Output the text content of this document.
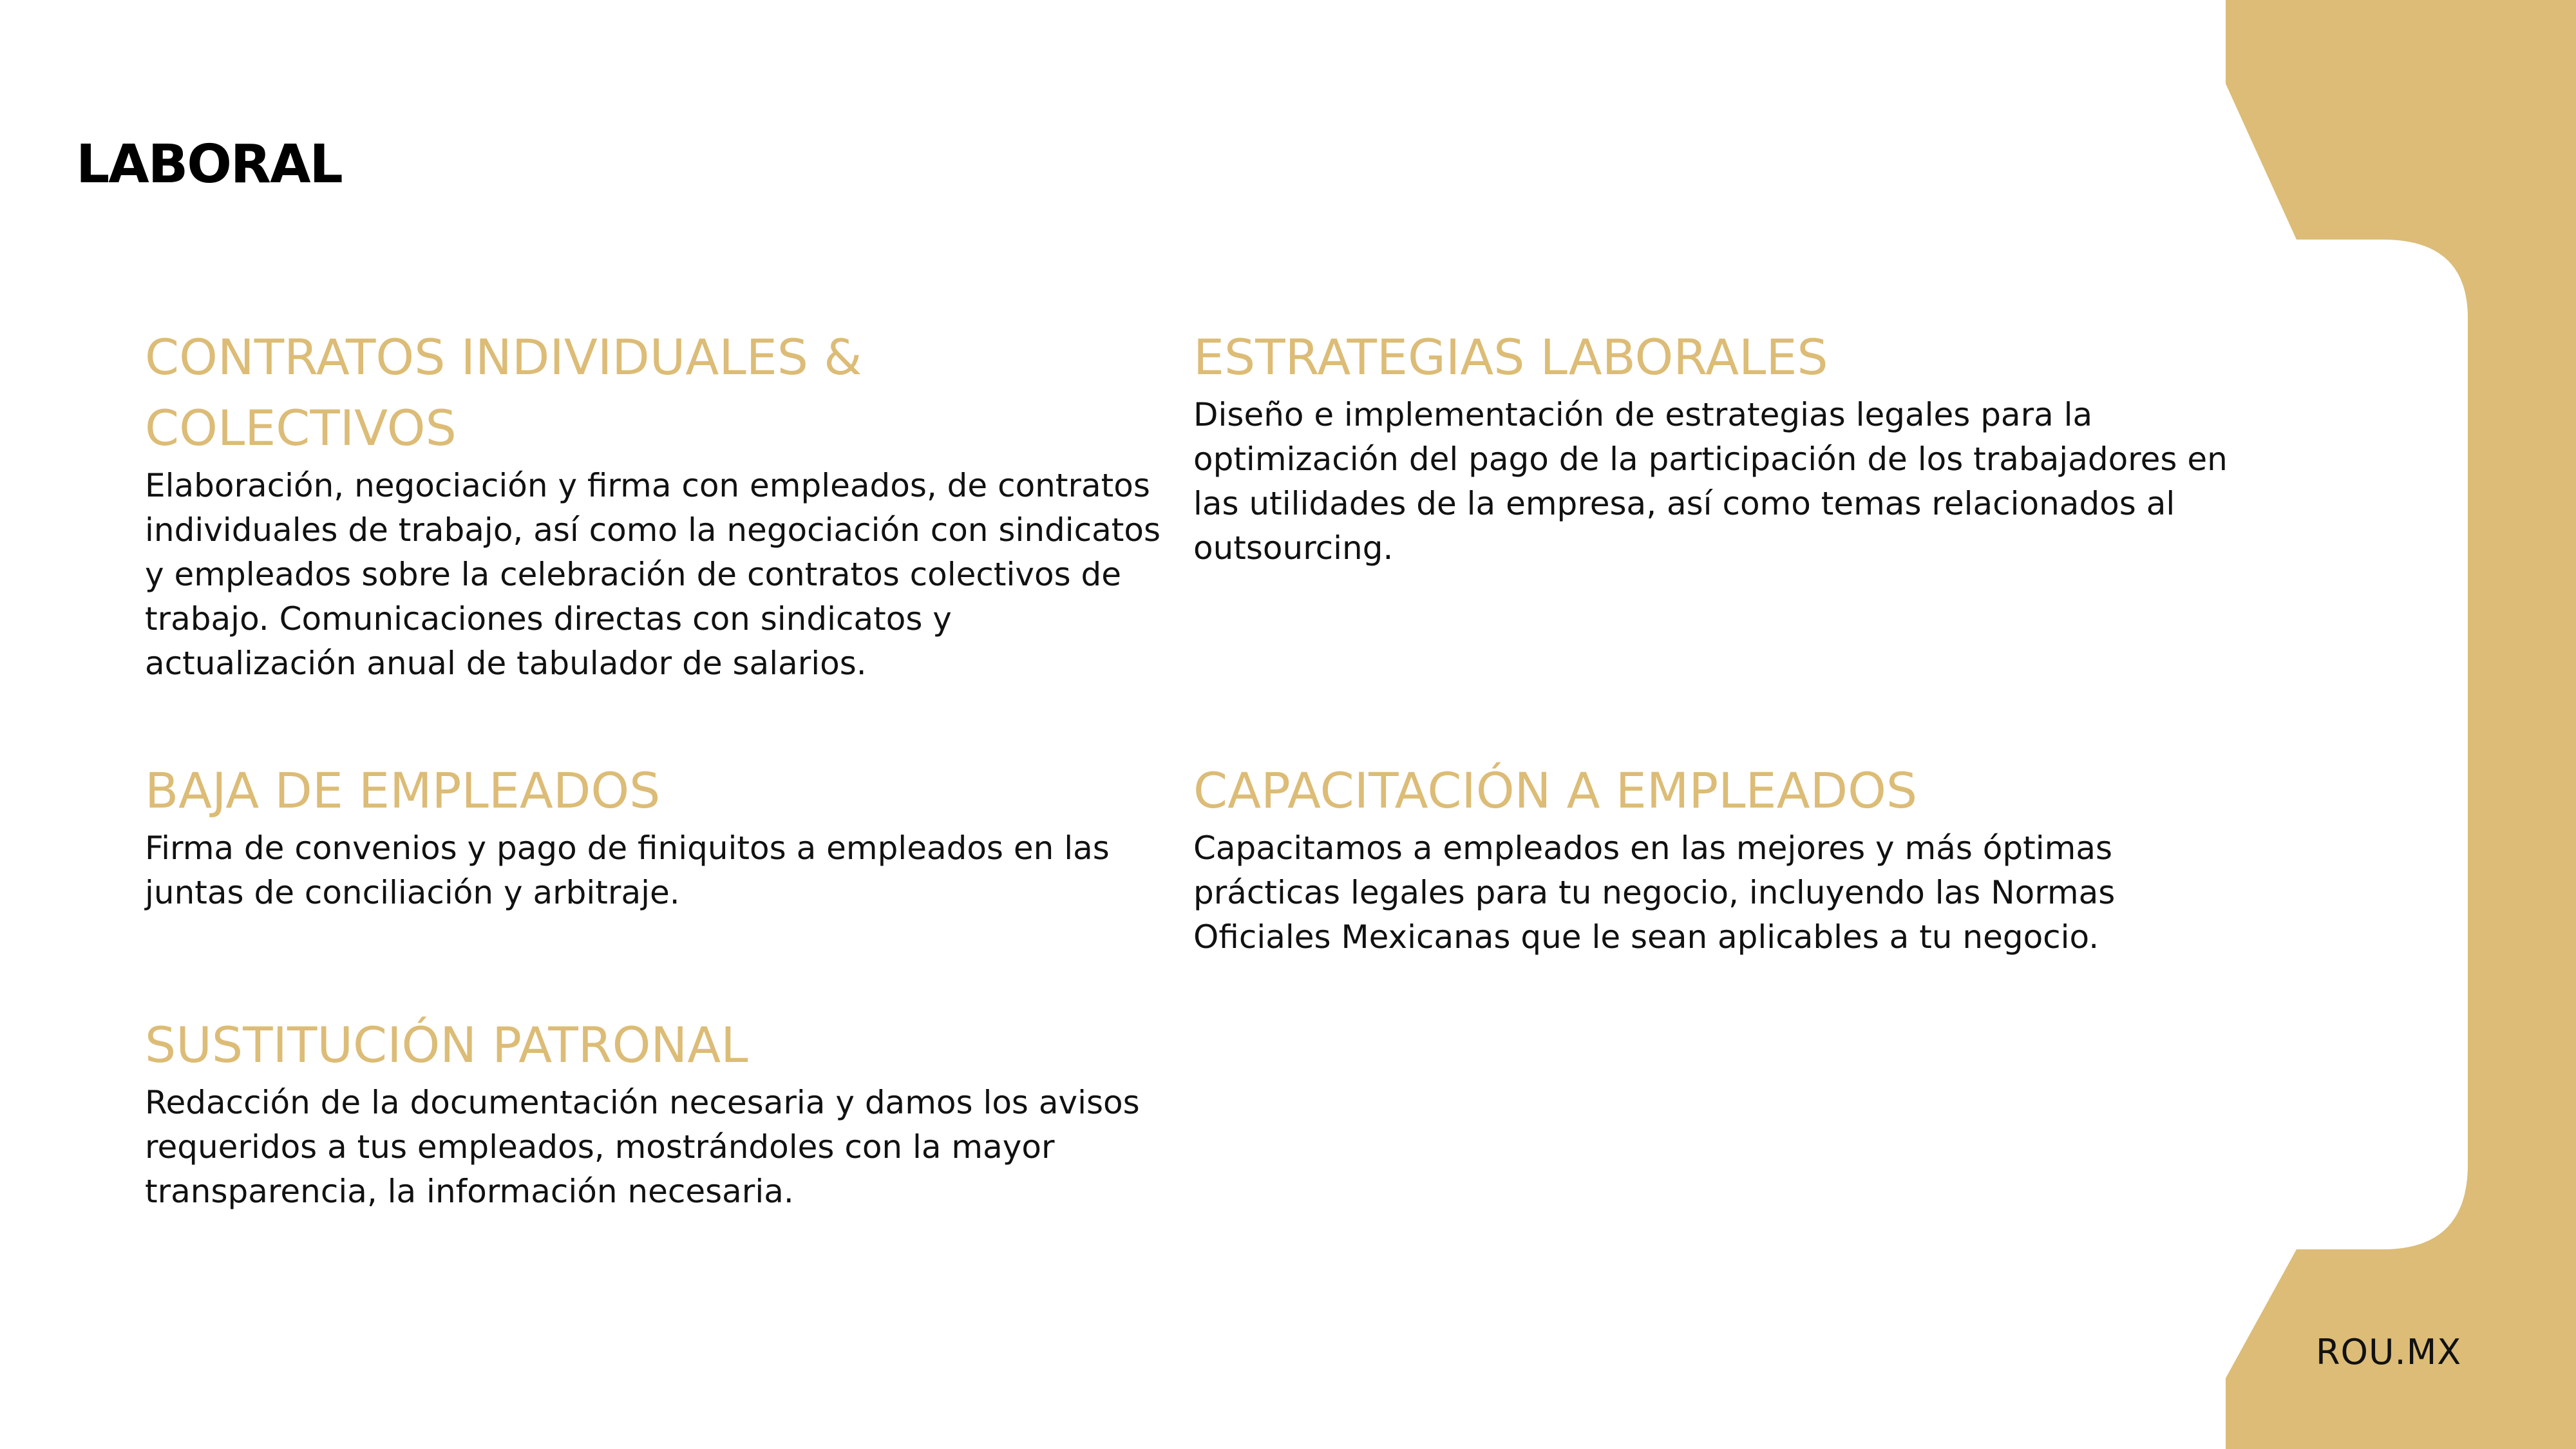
LABORAL
CONTRATOS INDIVIDUALES & COLECTIVOS

Elaboración, negociación y firma con empleados, de contratos individuales de trabajo, así como la negociación con sindicatos y empleados sobre la celebración de contratos colectivos de trabajo. Comunicaciones directas con sindicatos y actualización anual de tabulador de salarios.

ESTRATEGIAS LABORALES

Diseño e implementación de estrategias legales para la optimización del pago de la participación de los trabajadores en las utilidades de la empresa, así como temas relacionados al outsourcing.

BAJA DE EMPLEADOS

Firma de convenios y pago de finiquitos a empleados en las juntas de conciliación y arbitraje.

CAPACITACIÓN A EMPLEADOS

Capacitamos a empleados en las mejores y más óptimas prácticas legales para tu negocio, incluyendo las Normas Oficiales Mexicanas que le sean aplicables a tu negocio.

SUSTITUCIÓN PATRONAL

Redacción de la documentación necesaria y damos los avisos requeridos a tus empleados, mostrándoles con la mayor transparencia, la información necesaria.

ROU.MX
